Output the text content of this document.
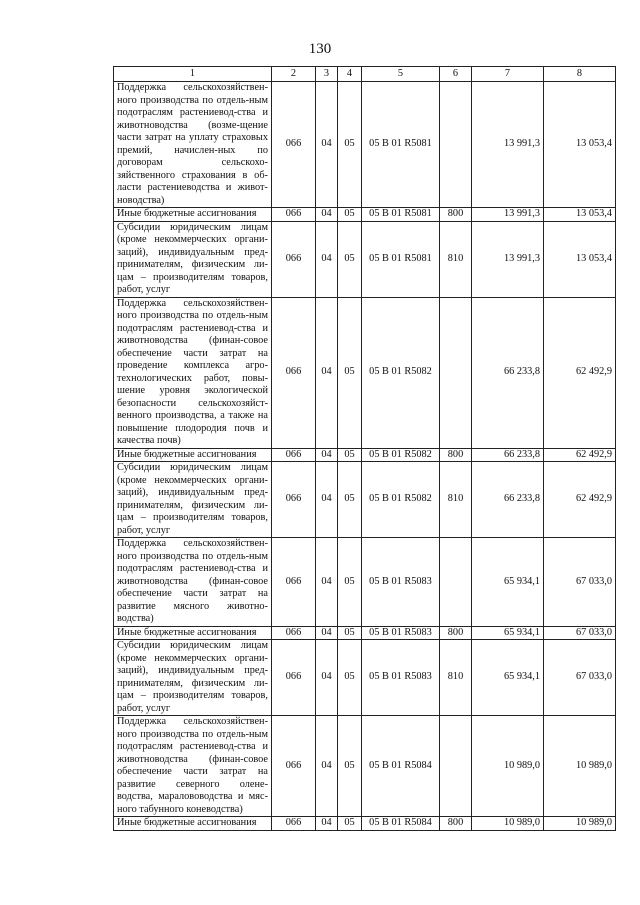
130
1	2	3	4	5	6	7	8
Поддержка сельскохозяйствен-ного производства по отдель-ным подотраслям растениевод-ства и животноводства (возме-щение части затрат на уплату страховых премий, начислен-ных по договорам сельскохо-зяйственного страхования в об-ласти растениеводства и живот-новодства)	066	04	05	05 В 01 R5081		13 991,3	13 053,4
Иные бюджетные ассигнования	066	04	05	05 В 01 R5081	800	13 991,3	13 053,4
Субсидии юридическим лицам (кроме некоммерческих органи-заций), индивидуальным пред-принимателям, физическим ли-цам – производителям товаров, работ, услуг	066	04	05	05 В 01 R5081	810	13 991,3	13 053,4
Поддержка сельскохозяйствен-ного производства по отдель-ным подотраслям растениевод-ства и животноводства (финан-совое обеспечение части затрат на проведение комплекса агро-технологических работ, повы-шение уровня экологической безопасности сельскохозяйст-венного производства, а также на повышение плодородия почв и качества почв)	066	04	05	05 В 01 R5082		66 233,8	62 492,9
Иные бюджетные ассигнования	066	04	05	05 В 01 R5082	800	66 233,8	62 492,9
Субсидии юридическим лицам (кроме некоммерческих органи-заций), индивидуальным пред-принимателям, физическим ли-цам – производителям товаров, работ, услуг	066	04	05	05 В 01 R5082	810	66 233,8	62 492,9
Поддержка сельскохозяйствен-ного производства по отдель-ным подотраслям растениевод-ства и животноводства (финан-совое обеспечение части затрат на развитие мясного животно-водства)	066	04	05	05 В 01 R5083		65 934,1	67 033,0
Иные бюджетные ассигнования	066	04	05	05 В 01 R5083	800	65 934,1	67 033,0
Субсидии юридическим лицам (кроме некоммерческих органи-заций), индивидуальным пред-принимателям, физическим ли-цам – производителям товаров, работ, услуг	066	04	05	05 В 01 R5083	810	65 934,1	67 033,0
Поддержка сельскохозяйствен-ного производства по отдель-ным подотраслям растениевод-ства и животноводства (финан-совое обеспечение части затрат на развитие северного олене-водства, маралововодства и мяс-ного табунного коневодства)	066	04	05	05 В 01 R5084		10 989,0	10 989,0
Иные бюджетные ассигнования	066	04	05	05 В 01 R5084	800	10 989,0	10 989,0
